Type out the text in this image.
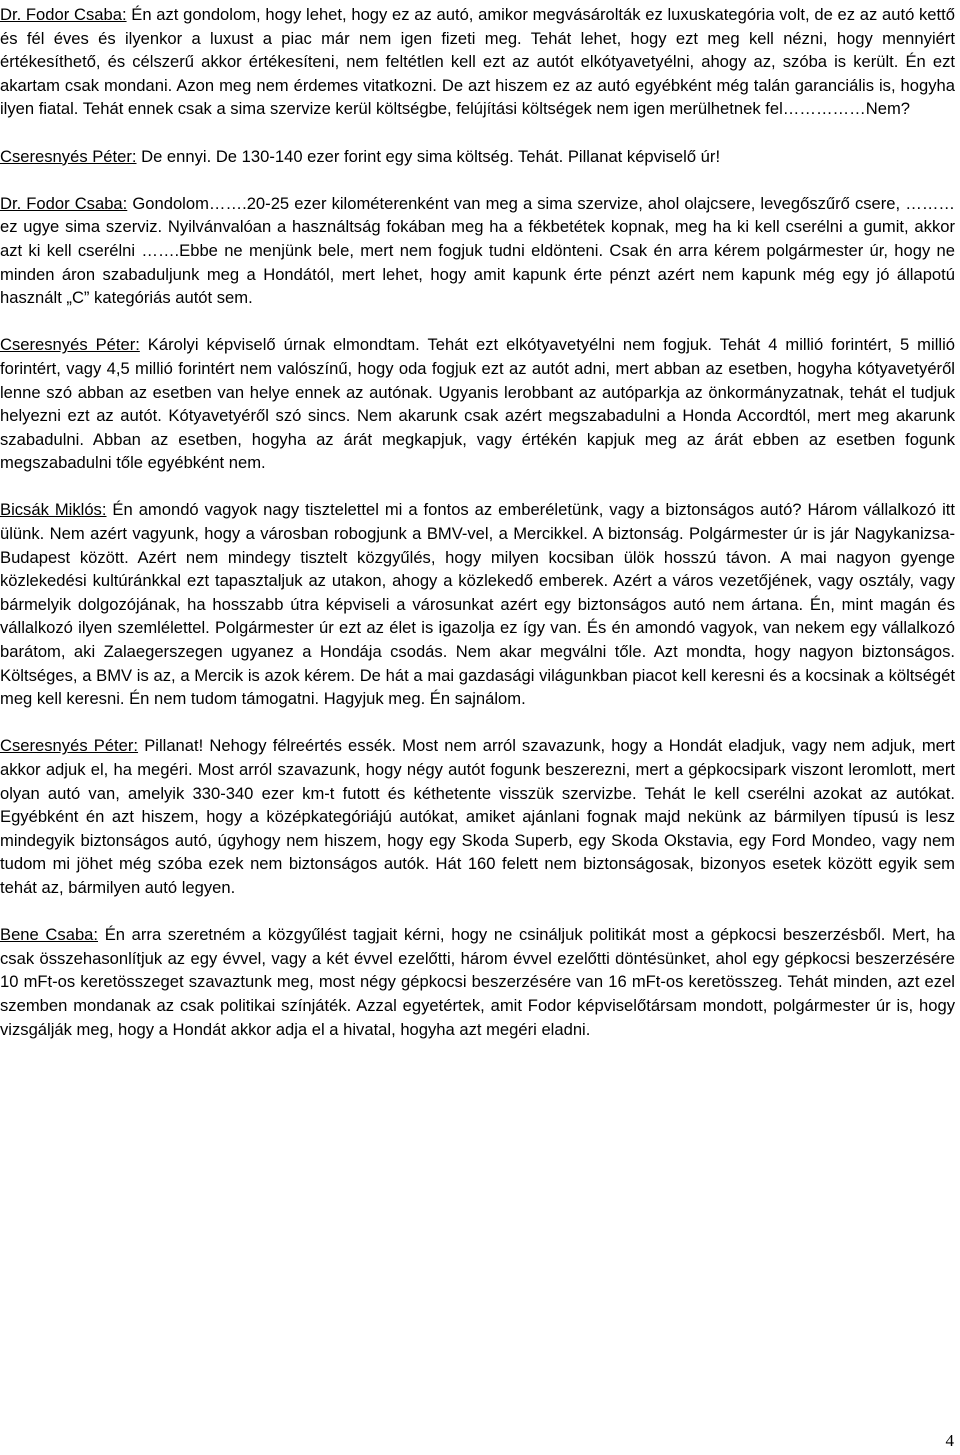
Dr. Fodor Csaba: Én azt gondolom, hogy lehet, hogy ez az autó, amikor megvásárolták ez luxuskategória volt, de ez az autó kettő és fél éves és ilyenkor a luxust a piac már nem igen fizeti meg. Tehát lehet, hogy ezt meg kell nézni, hogy mennyiért értékesíthető, és célszerű akkor értékesíteni, nem feltétlen kell ezt az autót elkótyavetyélni, ahogy az, szóba is került. Én ezt akartam csak mondani. Azon meg nem érdemes vitatkozni. De azt hiszem ez az autó egyébként még talán garanciális is, hogyha ilyen fiatal. Tehát ennek csak a sima szervize kerül költségbe, felújítási költségek nem igen merülhetnek fel……………Nem?

Cseresnyés Péter: De ennyi. De 130-140 ezer forint egy sima költség. Tehát. Pillanat képviselő úr!

Dr. Fodor Csaba: Gondolom…….20-25 ezer kilométerenként van meg a sima szervize, ahol olajcsere, levegőszűrő csere, ………ez ugye sima szerviz. Nyilvánvalóan a használtság fokában meg ha a fékbetétek kopnak, meg ha ki kell cserélni a gumit, akkor azt ki kell cserélni …….Ebbe ne menjünk bele, mert nem fogjuk tudni eldönteni. Csak én arra kérem polgármester úr, hogy ne minden áron szabaduljunk meg a Hondától, mert lehet, hogy amit kapunk érte pénzt azért nem kapunk még egy jó állapotú használt „C” kategóriás autót sem.

Cseresnyés Péter: Károlyi képviselő úrnak elmondtam. Tehát ezt elkótyavetyélni nem fogjuk. Tehát 4 millió forintért, 5 millió forintért, vagy 4,5 millió forintért nem valószínű, hogy oda fogjuk ezt az autót adni, mert abban az esetben, hogyha kótyavetyéről lenne szó abban az esetben van helye ennek az autónak. Ugyanis lerobbant az autóparkja az önkormányzatnak, tehát el tudjuk helyezni ezt az autót. Kótyavetyéről szó sincs. Nem akarunk csak azért megszabadulni a Honda Accordtól, mert meg akarunk szabadulni. Abban az esetben, hogyha az árát megkapjuk, vagy értékén kapjuk meg az árát ebben az esetben fogunk megszabadulni tőle egyébként nem.

Bicsák Miklós: Én amondó vagyok nagy tisztelettel mi a fontos az emberéletünk, vagy a biztonságos autó? Három vállalkozó itt ülünk. Nem azért vagyunk, hogy a városban robogjunk a BMV-vel, a Mercikkel. A biztonság. Polgármester úr is jár Nagykanizsa-Budapest között. Azért nem mindegy tisztelt közgyűlés, hogy milyen kocsiban ülök hosszú távon. A mai nagyon gyenge közlekedési kultúránkkal ezt tapasztaljuk az utakon, ahogy a közlekedő emberek. Azért a város vezetőjének, vagy osztály, vagy bármelyik dolgozójának, ha hosszabb útra képviseli a városunkat azért egy biztonságos autó nem ártana. Én, mint magán és vállalkozó ilyen szemlélettel. Polgármester úr ezt az élet is igazolja ez így van. És én amondó vagyok, van nekem egy vállalkozó barátom, aki Zalaegerszegen ugyanez a Hondája csodás. Nem akar megválni tőle. Azt mondta, hogy nagyon biztonságos. Költséges, a BMV is az, a Mercik is azok kérem. De hát a mai gazdasági világunkban piacot kell keresni és a kocsinak a költségét meg kell keresni. Én nem tudom támogatni. Hagyjuk meg. Én sajnálom.

Cseresnyés Péter: Pillanat! Nehogy félreértés essék. Most nem arról szavazunk, hogy a Hondát eladjuk, vagy nem adjuk, mert akkor adjuk el, ha megéri. Most arról szavazunk, hogy négy autót fogunk beszerezni, mert a gépkocsipark viszont leromlott, mert olyan autó van, amelyik 330-340 ezer km-t futott és kéthetente visszük szervizbe. Tehát le kell cserélni azokat az autókat. Egyébként én azt hiszem, hogy a középkategóriájú autókat, amiket ajánlani fognak majd nekünk az bármilyen típusú is lesz mindegyik biztonságos autó, úgyhogy nem hiszem, hogy egy Skoda Superb, egy Skoda Okstavia, egy Ford Mondeo, vagy nem tudom mi jöhet még szóba ezek nem biztonságos autók. Hát 160 felett nem biztonságosak, bizonyos esetek között egyik sem tehát az, bármilyen autó legyen.

Bene Csaba: Én arra szeretném a közgyűlést tagjait kérni, hogy ne csináljuk politikát most a gépkocsi beszerzésből. Mert, ha csak összehasonlítjuk az egy évvel, vagy a két évvel ezelőtti, három évvel ezelőtti döntésünket, ahol egy gépkocsi beszerzésére 10 mFt-os keretösszeget szavaztunk meg, most négy gépkocsi beszerzésére van 16 mFt-os keretösszeg. Tehát minden, azt ezel szemben mondanak az csak politikai színjáték. Azzal egyetértek, amit Fodor képviselőtársam mondott, polgármester úr is, hogy vizsgálják meg, hogy a Hondát akkor adja el a hivatal, hogyha azt megéri eladni.

4
